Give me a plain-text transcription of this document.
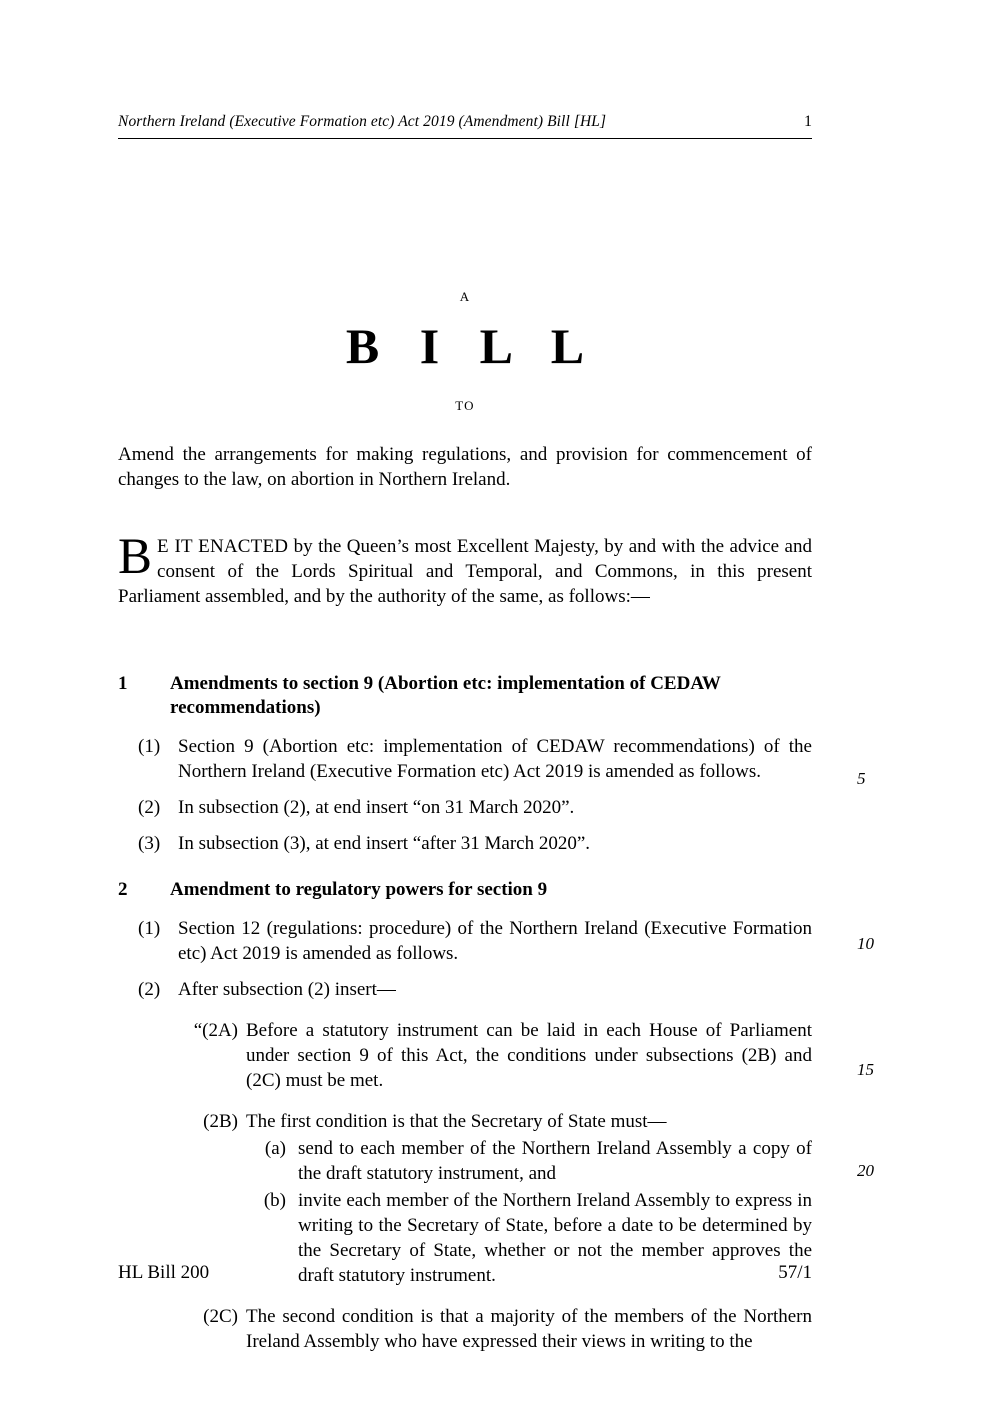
Northern Ireland (Executive Formation etc) Act 2019 (Amendment) Bill [HL]	1
A
B I L L
TO
Amend the arrangements for making regulations, and provision for commencement of changes to the law, on abortion in Northern Ireland.
B E IT ENACTED by the Queen’s most Excellent Majesty, by and with the advice and consent of the Lords Spiritual and Temporal, and Commons, in this present Parliament assembled, and by the authority of the same, as follows:—
1	Amendments to section 9 (Abortion etc: implementation of CEDAW recommendations)
(1) Section 9 (Abortion etc: implementation of CEDAW recommendations) of the Northern Ireland (Executive Formation etc) Act 2019 is amended as follows.
(2) In subsection (2), at end insert “on 31 March 2020”.
(3) In subsection (3), at end insert “after 31 March 2020”.
2	Amendment to regulatory powers for section 9
(1) Section 12 (regulations: procedure) of the Northern Ireland (Executive Formation etc) Act 2019 is amended as follows.
(2) After subsection (2) insert—
“(2A) Before a statutory instrument can be laid in each House of Parliament under section 9 of this Act, the conditions under subsections (2B) and (2C) must be met.
(2B) The first condition is that the Secretary of State must—
(a) send to each member of the Northern Ireland Assembly a copy of the draft statutory instrument, and
(b) invite each member of the Northern Ireland Assembly to express in writing to the Secretary of State, before a date to be determined by the Secretary of State, whether or not the member approves the draft statutory instrument.
(2C) The second condition is that a majority of the members of the Northern Ireland Assembly who have expressed their views in writing to the
5
10
15
20
HL Bill 200	57/1
